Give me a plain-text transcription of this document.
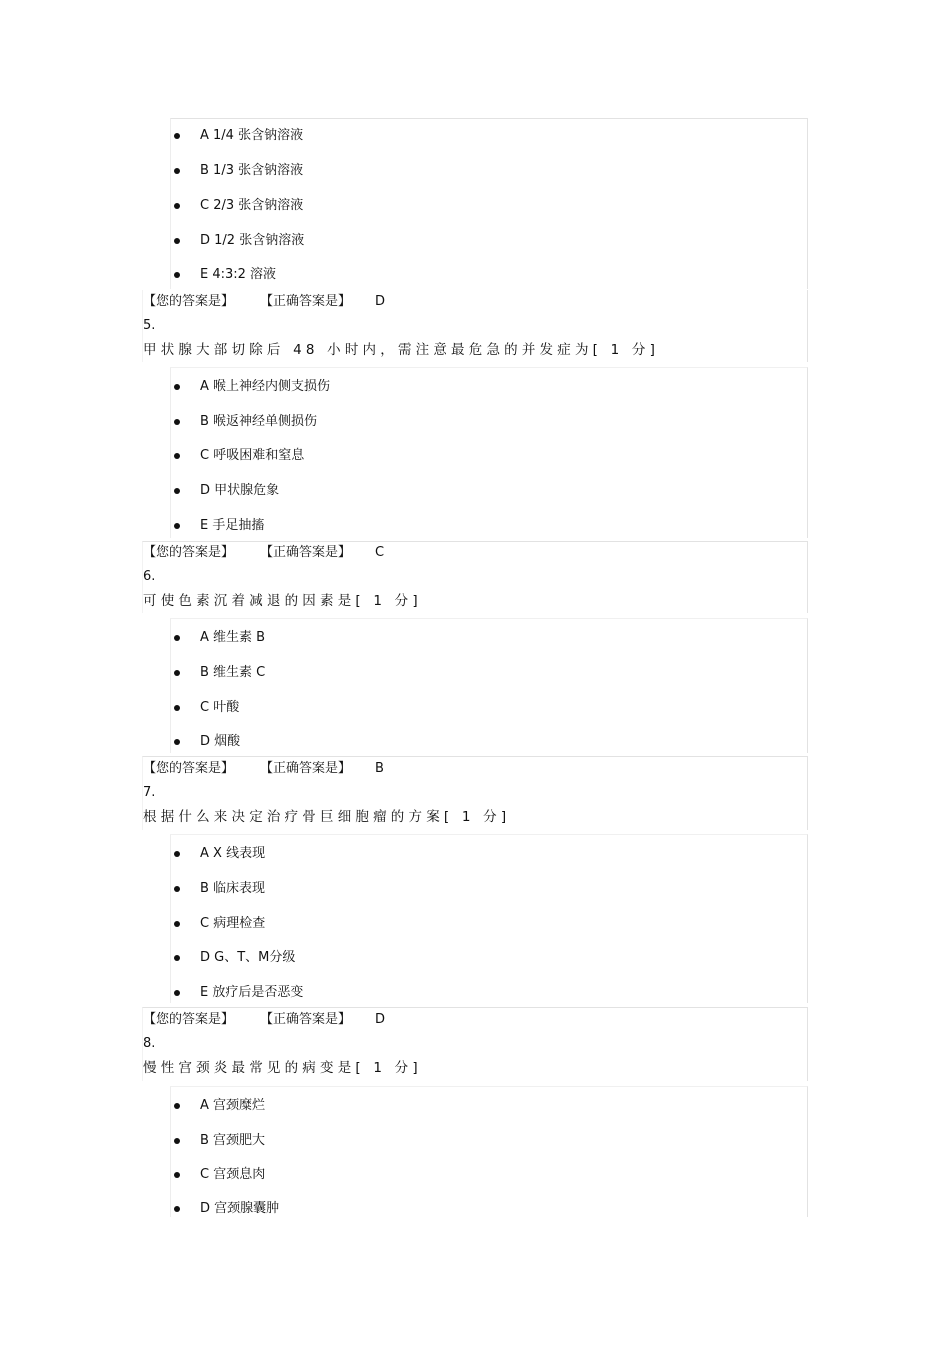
A 1/4 张含钠溶液
B 1/3 张含钠溶液
C 2/3 张含钠溶液
D 1/2 张含钠溶液
E 4:3:2 溶液
【您的答案是】 【正确答案是】 D
5.
甲状腺大部切除后 48 小时内，需注意最危急的并发症为[ 1 分]
A 喉上神经内侧支损伤
B 喉返神经单侧损伤
C 呼吸困难和窒息
D 甲状腺危象
E 手足抽搐
【您的答案是】 【正确答案是】 C
6.
可使色素沉着减退的因素是[ 1 分]
A 维生素 B
B 维生素 C
C 叶酸
D 烟酸
【您的答案是】 【正确答案是】 B
7.
根据什么来决定治疗骨巨细胞瘤的方案[ 1 分]
A X 线表现
B 临床表现
C 病理检查
D G、T、M分级
E 放疗后是否恶变
【您的答案是】 【正确答案是】 D
8.
慢性宫颈炎最常见的病变是[ 1 分]
A 宫颈糜烂
B 宫颈肥大
C 宫颈息肉
D 宫颈腺囊肿
